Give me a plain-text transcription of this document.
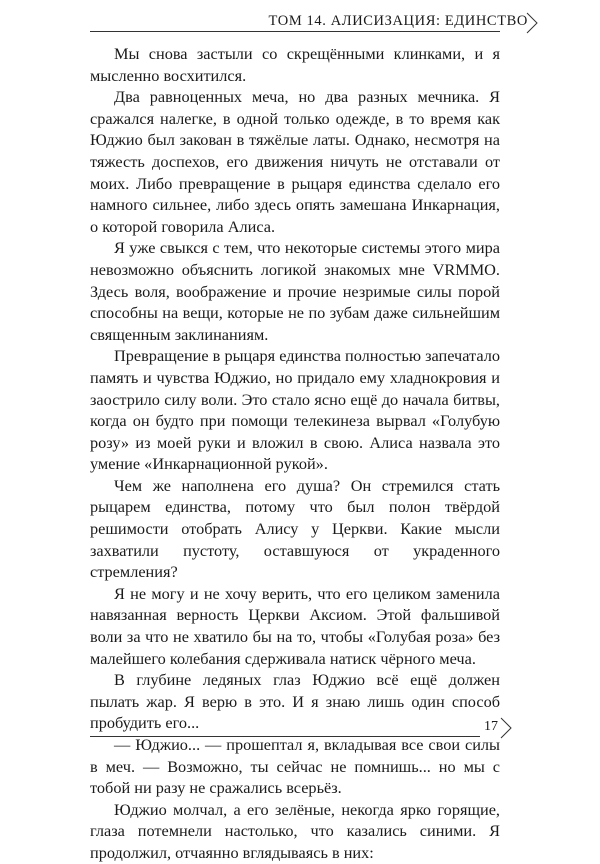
ТОМ 14. АЛИСИЗАЦИЯ: ЕДИНСТВО

Мы снова застыли со скрещёнными клинками, и я мысленно восхитился.

Два равноценных меча, но два разных мечника. Я сражался налегке, в одной только одежде, в то время как Юджио был закован в тяжёлые латы. Однако, несмотря на тяжесть доспехов, его движения ничуть не отставали от моих. Либо превращение в рыцаря единства сделало его намного сильнее, либо здесь опять замешана Инкарнация, о которой говорила Алиса.

Я уже свыкся с тем, что некоторые системы этого мира невозможно объяснить логикой знакомых мне VRMMO. Здесь воля, воображение и прочие незримые силы порой способны на вещи, которые не по зубам даже сильнейшим священным заклинаниям.

Превращение в рыцаря единства полностью запечатало память и чувства Юджио, но придало ему хладнокровия и заострило силу воли. Это стало ясно ещё до начала битвы, когда он будто при помощи телекинеза вырвал «Голубую розу» из моей руки и вложил в свою. Алиса назвала это умение «Инкарнационной рукой».

Чем же наполнена его душа? Он стремился стать рыцарем единства, потому что был полон твёрдой решимости отобрать Алису у Церкви. Какие мысли захватили пустоту, оставшуюся от украденного стремления?

Я не могу и не хочу верить, что его целиком заменила навязанная верность Церкви Аксиом. Этой фальшивой воли за что не хватило бы на то, чтобы «Голубая роза» без малейшего колебания сдерживала натиск чёрного меча.

В глубине ледяных глаз Юджио всё ещё должен пылать жар. Я верю в это. И я знаю лишь один способ пробудить его...

— Юджио... — прошептал я, вкладывая все свои силы в меч. — Возможно, ты сейчас не помнишь... но мы с тобой ни разу не сражались всерьёз.

Юджио молчал, а его зелёные, некогда ярко горящие, глаза потемнели настолько, что казались синими. Я продолжил, отчаянно вглядываясь в них:

17
